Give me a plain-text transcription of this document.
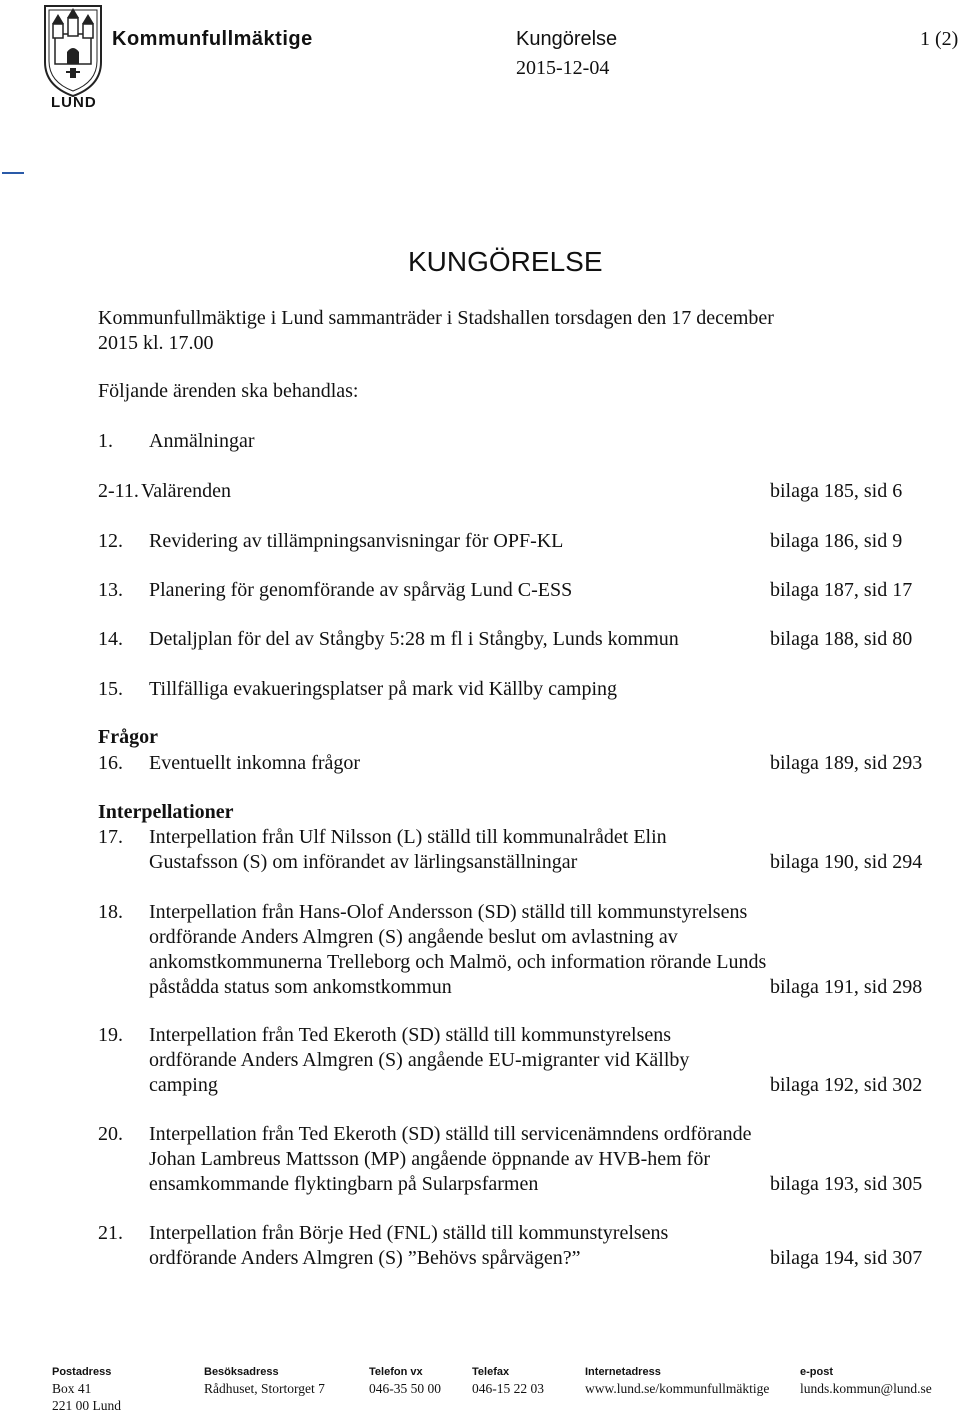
LUND
Kommunfullmäktige	Kungörelse	1 (2)
2015-12-04
KUNGÖRELSE
Kommunfullmäktige i Lund sammanträder i Stadshallen torsdagen den 17 december 2015 kl. 17.00
Följande ärenden ska behandlas:
1. Anmälningar
2-11. Valärenden	bilaga 185, sid 6
12. Revidering av tillämpningsanvisningar för OPF-KL	bilaga 186, sid 9
13. Planering för genomförande av spårväg Lund C-ESS	bilaga 187, sid 17
14. Detaljplan för del av Stångby 5:28 m fl i Stångby, Lunds kommun	bilaga 188, sid 80
15. Tillfälliga evakueringsplatser på mark vid Källby camping
Frågor
16. Eventuellt inkomna frågor	bilaga 189, sid 293
Interpellationer
17. Interpellation från Ulf Nilsson (L) ställd till kommunalrådet Elin Gustafsson (S) om införandet av lärlingsanställningar	bilaga 190, sid 294
18. Interpellation från Hans-Olof Andersson (SD) ställd till kommunstyrelsens ordförande Anders Almgren (S) angående beslut om avlastning av ankomstkommunerna Trelleborg och Malmö, och information rörande Lunds påstådda status som ankomstkommun	bilaga 191, sid 298
19. Interpellation från Ted Ekeroth (SD) ställd till kommunstyrelsens ordförande Anders Almgren (S) angående EU-migranter vid Källby camping	bilaga 192, sid 302
20. Interpellation från Ted Ekeroth (SD) ställd till servicenämndens ordförande Johan Lambreus Mattsson (MP) angående öppnande av HVB-hem för ensamkommande flyktingbarn på Sularpsfarmen	bilaga 193, sid 305
21. Interpellation från Börje Hed (FNL) ställd till kommunstyrelsens ordförande Anders Almgren (S) ”Behövs spårvägen?”	bilaga 194, sid 307
Postadress
Box 41
221 00 Lund
Besöksadress
Rådhuset, Stortorget 7
Telefon vx
046-35 50 00
Telefax
046-15 22 03
Internetadress
www.lund.se/kommunfullmäktige
e-post
lunds.kommun@lund.se
